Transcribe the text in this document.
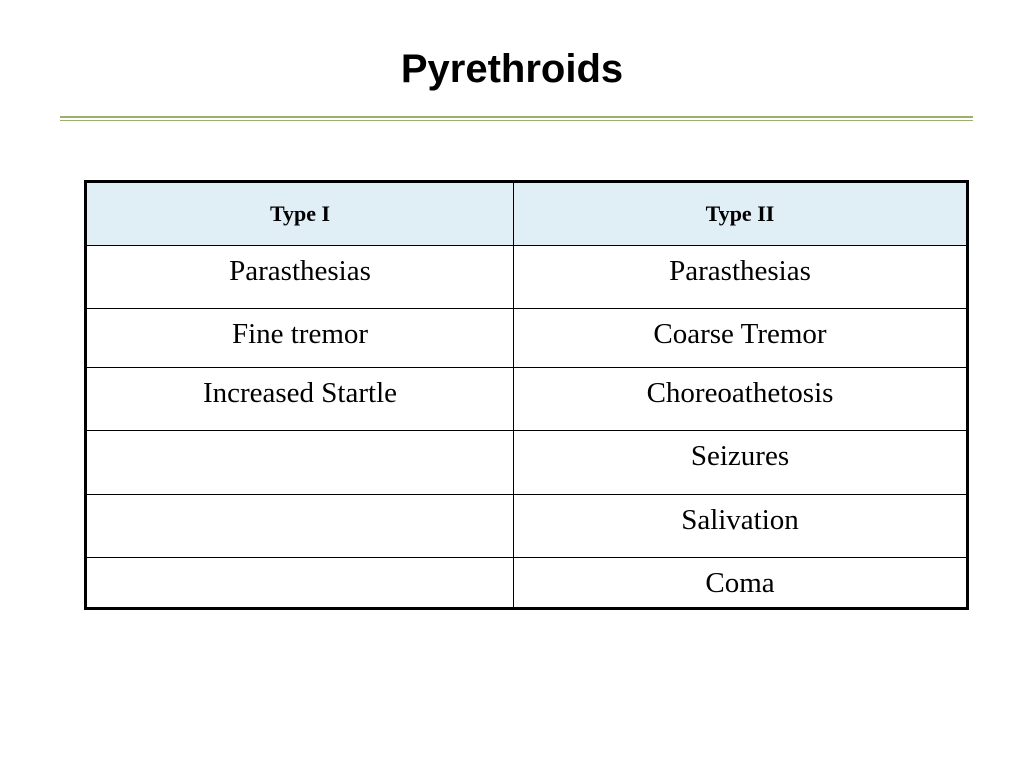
Pyrethroids
Type I	Type II
Parasthesias	Parasthesias
Fine tremor	Coarse Tremor
Increased Startle	Choreoathetosis
	Seizures
	Salivation
	Coma
